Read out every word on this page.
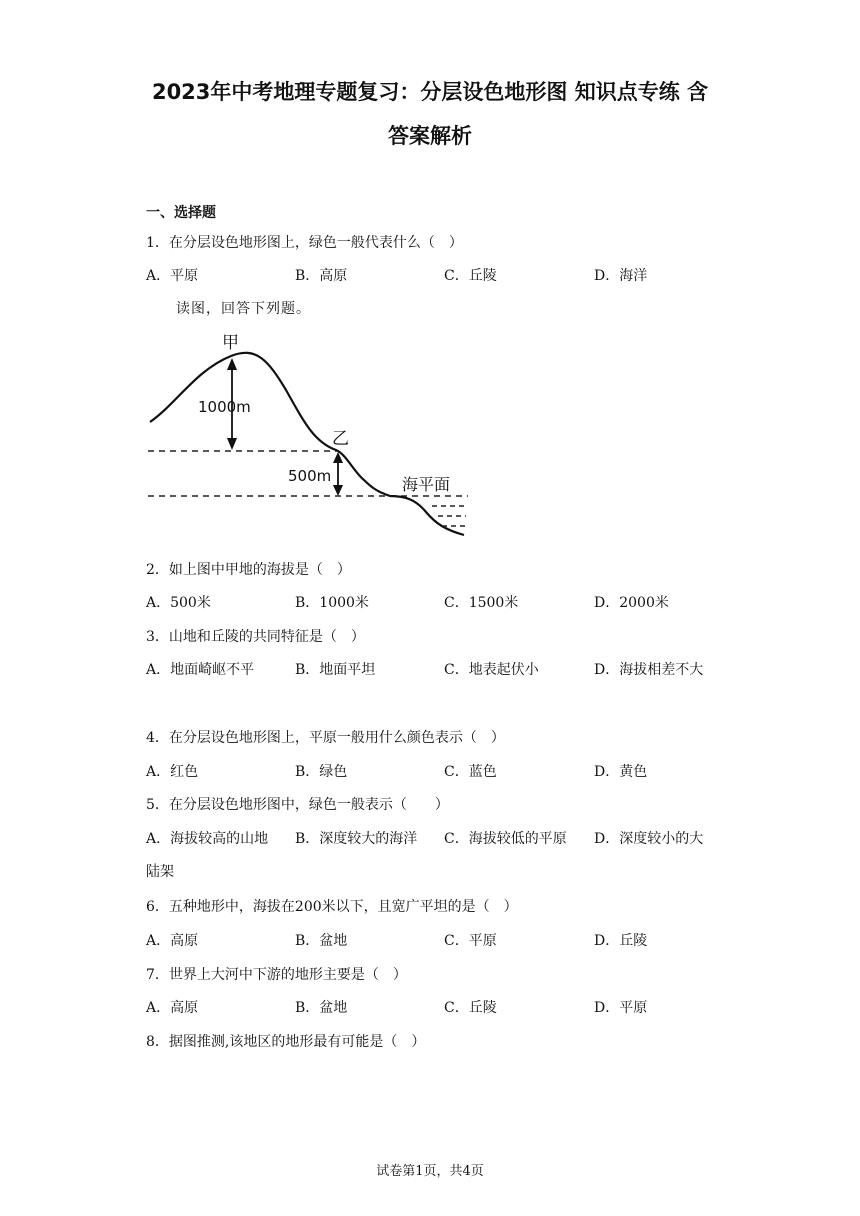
2023年中考地理专题复习：分层设色地形图 知识点专练 含
答案解析
一、选择题
1．在分层设色地形图上，绿色一般代表什么（　）
A．平原	B．高原	C．丘陵	D．海洋
读图，回答下列题。
甲
乙
海平面
1000m
500m
2．如上图中甲地的海拔是（　）
A．500米	B．1000米	C．1500米	D．2000米
3．山地和丘陵的共同特征是（　）
A．地面崎岖不平	B．地面平坦	C．地表起伏小	D．海拔相差不大
4．在分层设色地形图上，平原一般用什么颜色表示（　）
A．红色	B．绿色	C．蓝色	D．黄色
5．在分层设色地形图中，绿色一般表示（　　）
A．海拔较高的山地 B．深度较大的海洋 C．海拔较低的平原 D．深度较小的大
陆架
6．五种地形中，海拔在200米以下，且宽广平坦的是（　）
A．高原	B．盆地	C．平原	D．丘陵
7．世界上大河中下游的地形主要是（　）
A．高原	B．盆地	C．丘陵	D．平原
8．据图推测,该地区的地形最有可能是（　）
试卷第1页，共4页
